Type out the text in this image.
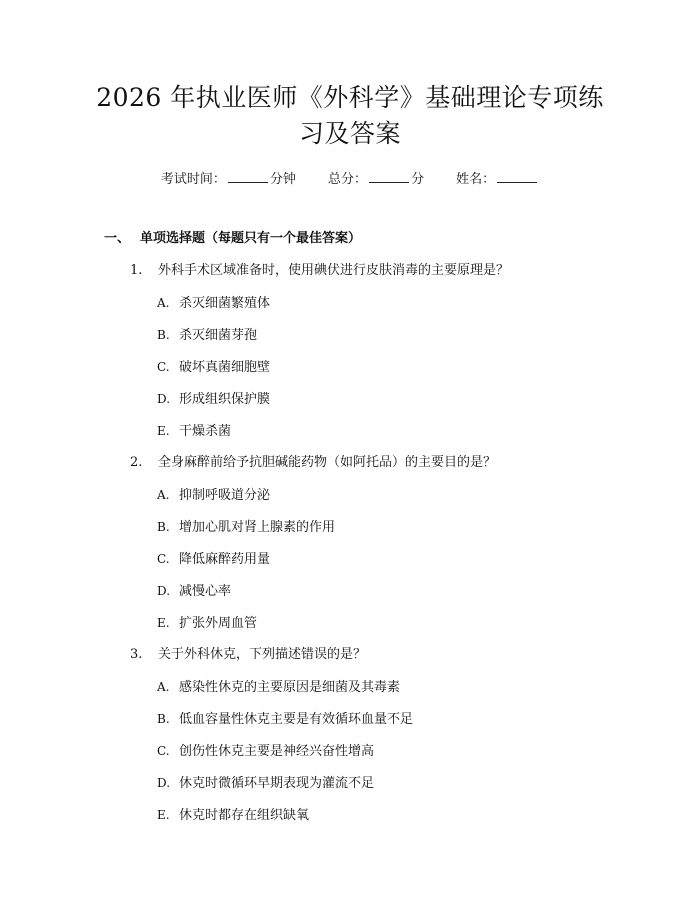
2026 年执业医师《外科学》基础理论专项练
习及答案
考试时间：	分钟 总分：	分 姓名：
一、 单项选择题（每题只有一个最佳答案）
1. 外科手术区域准备时，使用碘伏进行皮肤消毒的主要原理是？
A. 杀灭细菌繁殖体
B. 杀灭细菌芽孢
C. 破坏真菌细胞壁
D. 形成组织保护膜
E. 干燥杀菌
2. 全身麻醉前给予抗胆碱能药物（如阿托品）的主要目的是？
A. 抑制呼吸道分泌
B. 增加心肌对肾上腺素的作用
C. 降低麻醉药用量
D. 减慢心率
E. 扩张外周血管
3. 关于外科休克，下列描述错误的是？
A. 感染性休克的主要原因是细菌及其毒素
B. 低血容量性休克主要是有效循环血量不足
C. 创伤性休克主要是神经兴奋性增高
D. 休克时微循环早期表现为灌流不足
E. 休克时都存在组织缺氧
